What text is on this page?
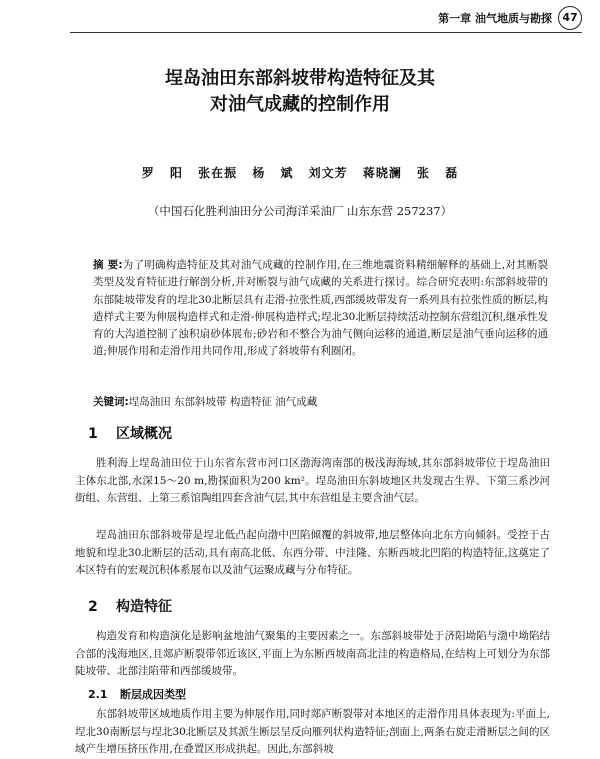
第一章 油气地质与勘探 47
埕岛油田东部斜坡带构造特征及其
对油气成藏的控制作用
罗 阳 张在振 杨 斌 刘文芳 蒋晓澜 张 磊
（中国石化胜利油田分公司海洋采油厂 山东东营 257237）
摘 要:为了明确构造特征及其对油气成藏的控制作用,在三维地震资料精细解释的基础上,对其断裂类型及发育特征进行解剖分析,并对断裂与油气成藏的关系进行探讨。综合研究表明:东部斜坡带的东部陡坡带发育的埕北30北断层具有走滑-拉张性质,西部缓坡带发育一系列具有拉张性质的断层,构造样式主要为伸展构造样式和走滑-伸展构造样式;埕北30北断层持续活动控制东营组沉积,继承性发育的大沟道控制了浊积扇砂体展布;砂岩和不整合为油气侧向运移的通道,断层是油气垂向运移的通道;伸展作用和走滑作用共同作用,形成了斜坡带有利圈闭。
关键词:埕岛油田 东部斜坡带 构造特征 油气成藏
1 区域概况
胜利海上埕岛油田位于山东省东营市河口区渤海湾南部的极浅海海域,其东部斜坡带位于埕岛油田主体东北部,水深15～20 m,勘探面积为200 km²。埕岛油田东斜坡地区共发现古生界、下第三系沙河街组、东营组、上第三系馆陶组四套含油气层,其中东营组是主要含油气层。
埕岛油田东部斜坡带是埕北低凸起向渤中凹陷倾覆的斜坡带,地层整体向北东方向倾斜。受控于古地貌和埕北30北断层的活动,具有南高北低、东西分带、中洼隆、东断西坡北凹陷的构造特征,这奠定了本区特有的宏观沉积体系展布以及油气运聚成藏与分布特征。
2 构造特征
构造发育和构造演化是影响盆地油气聚集的主要因素之一。东部斜坡带处于济阳坳陷与渤中坳陷结合部的浅海地区,且郯庐断裂带邻近该区,平面上为东断西坡南高北洼的构造格局,在结构上可划分为东部陡坡带、北部洼陷带和西部缓坡带。
2.1 断层成因类型
东部斜坡带区域地质作用主要为伸展作用,同时郯庐断裂带对本地区的走滑作用具体表现为:平面上,埕北30南断层与埕北30北断层及其派生断层呈反向雁列状构造特征;剖面上,两条右旋走滑断层之间的区域产生增压挤压作用,在叠置区形成拱起。因此,东部斜坡
